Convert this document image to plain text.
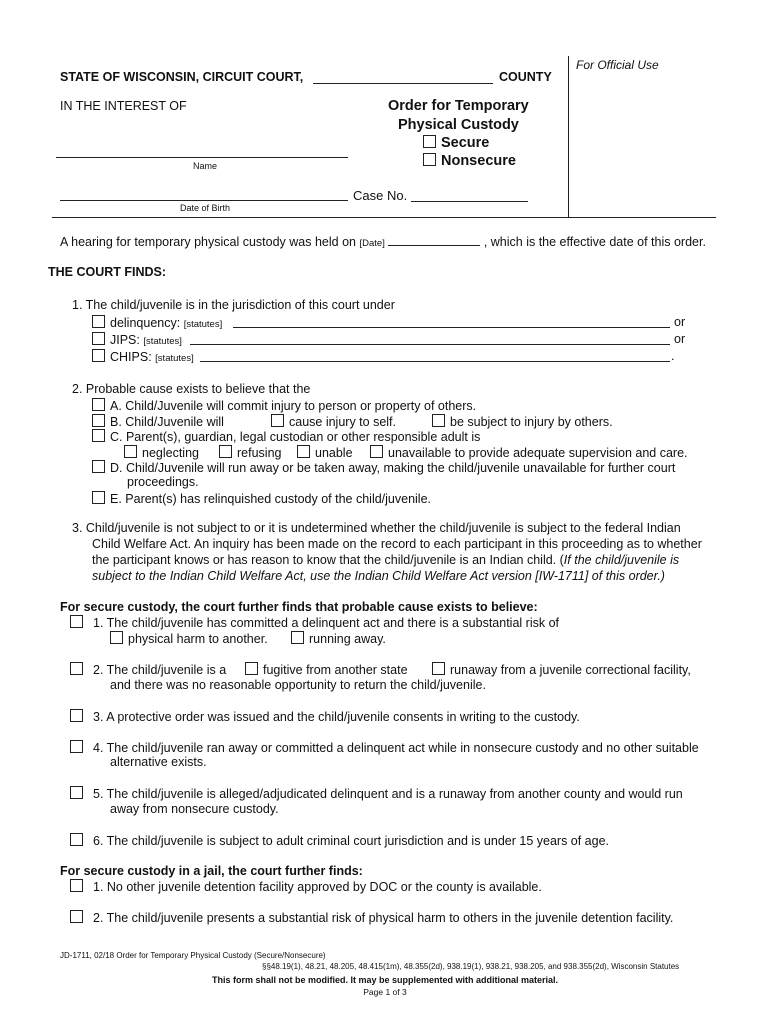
For Official Use
STATE OF WISCONSIN, CIRCUIT COURT,	COUNTY
IN THE INTEREST OF
Name
Date of Birth
Order for Temporary
Physical Custody
Secure
Nonsecure
Case No.
A hearing for temporary physical custody was held on [Date]	, which is the effective date of this order.
THE COURT FINDS:
1. The child/juvenile is in the jurisdiction of this court under
delinquency: [statutes]	or
JIPS: [statutes]	or
CHIPS: [statutes]	.
2. Probable cause exists to believe that the
A. Child/Juvenile will commit injury to person or property of others.
B. Child/Juvenile will	cause injury to self.	be subject to injury by others.
C. Parent(s), guardian, legal custodian or other responsible adult is
neglecting	refusing	unable	unavailable to provide adequate supervision and care.
D. Child/Juvenile will run away or be taken away, making the child/juvenile unavailable for further court
proceedings.
E. Parent(s) has relinquished custody of the child/juvenile.
3. Child/juvenile is not subject to or it is undetermined whether the child/juvenile is subject to the federal Indian
Child Welfare Act. An inquiry has been made on the record to each participant in this proceeding as to whether
the participant knows or has reason to know that the child/juvenile is an Indian child. (If the child/juvenile is
subject to the Indian Child Welfare Act, use the Indian Child Welfare Act version [IW-1711] of this order.)
For secure custody, the court further finds that probable cause exists to believe:
1. The child/juvenile has committed a delinquent act and there is a substantial risk of
physical harm to another.	running away.
2. The child/juvenile is a	fugitive from another state	runaway from a juvenile correctional facility,
and there was no reasonable opportunity to return the child/juvenile.
3. A protective order was issued and the child/juvenile consents in writing to the custody.
4. The child/juvenile ran away or committed a delinquent act while in nonsecure custody and no other suitable
alternative exists.
5. The child/juvenile is alleged/adjudicated delinquent and is a runaway from another county and would run
away from nonsecure custody.
6. The child/juvenile is subject to adult criminal court jurisdiction and is under 15 years of age.
For secure custody in a jail, the court further finds:
1. No other juvenile detention facility approved by DOC or the county is available.
2. The child/juvenile presents a substantial risk of physical harm to others in the juvenile detention facility.
JD-1711, 02/18 Order for Temporary Physical Custody (Secure/Nonsecure)
§§48.19(1), 48.21, 48.205, 48.415(1m), 48.355(2d), 938.19(1), 938.21, 938.205, and 938.355(2d), Wisconsin Statutes
This form shall not be modified. It may be supplemented with additional material.
Page 1 of 3
